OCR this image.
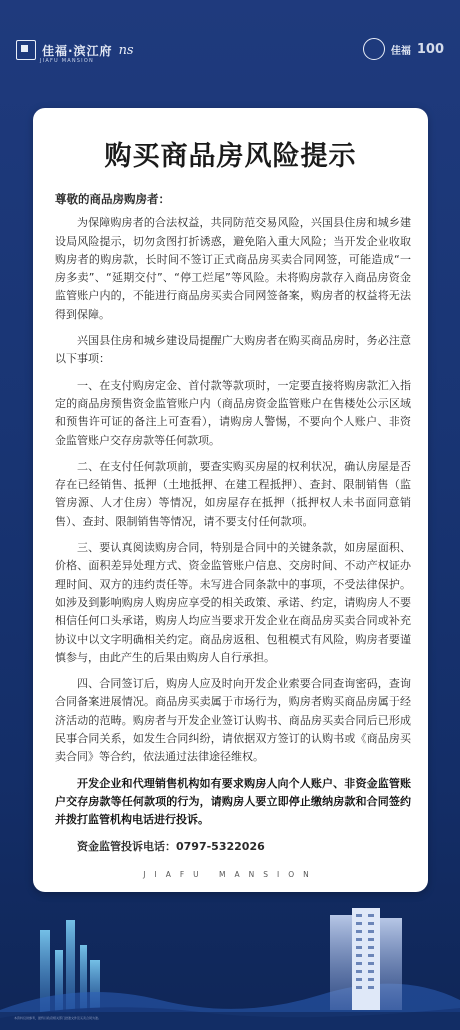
佳福·滨江府 ns
JIAFU MANSION
佳福 100
购买商品房风险提示
尊敬的商品房购房者：

为保障购房者的合法权益，共同防范交易风险，兴国县住房和城乡建设局风险提示，切勿贪图打折诱惑，避免陷入重大风险；当开发企业收取购房者的购房款，长时间不签订正式商品房买卖合同网签，可能造成“一房多卖”、“延期交付”、“停工烂尾”等风险。未将购房款存入商品房资金监管账户内的，不能进行商品房买卖合同网签备案，购房者的权益将无法得到保障。

兴国县住房和城乡建设局提醒广大购房者在购买商品房时，务必注意以下事项：

一、在支付购房定金、首付款等款项时，一定要直接将购房款汇入指定的商品房预售资金监管账户内（商品房资金监管账户在售楼处公示区域和预售许可证的备注上可查看），请购房人警惕，不要向个人账户、非资金监管账户交存房款等任何款项。

二、在支付任何款项前，要查实购买房屋的权利状况，确认房屋是否存在已经销售、抵押（土地抵押、在建工程抵押）、查封、限制销售（监管房源、人才住房）等情况，如房屋存在抵押（抵押权人未书面同意销售）、查封、限制销售等情况，请不要支付任何款项。

三、要认真阅读购房合同，特别是合同中的关键条款，如房屋面积、价格、面积差异处理方式、资金监管账户信息、交房时间、不动产权证办理时间、双方的违约责任等。未写进合同条款中的事项，不受法律保护。如涉及到影响购房人购房应享受的相关政策、承诺、约定，请购房人不要相信任何口头承诺，购房人均应当要求开发企业在商品房买卖合同或补充协议中以文字明确相关约定。商品房返租、包租模式有风险，购房者要谨慎参与，由此产生的后果由购房人自行承担。

四、合同签订后，购房人应及时向开发企业索要合同查询密码，查询合同备案进展情况。商品房买卖属于市场行为，购房者购买商品房属于经济活动的范畴。购房者与开发企业签订认购书、商品房买卖合同后已形成民事合同关系，如发生合同纠纷，请依据双方签订的认购书或《商品房买卖合同》等合约，依法通过法律途径维权。

开发企业和代理销售机构如有要求购房人向个人账户、非资金监管账户交存房款等任何款项的行为，请购房人要立即停止缴纳房款和合同签约并拨打监管机构电话进行投诉。

资金监管投诉电话：0797-5322026
JIAFU MANSION
本资料仅供参考，最终以政府相关部门批准文件及买卖合同为准。
